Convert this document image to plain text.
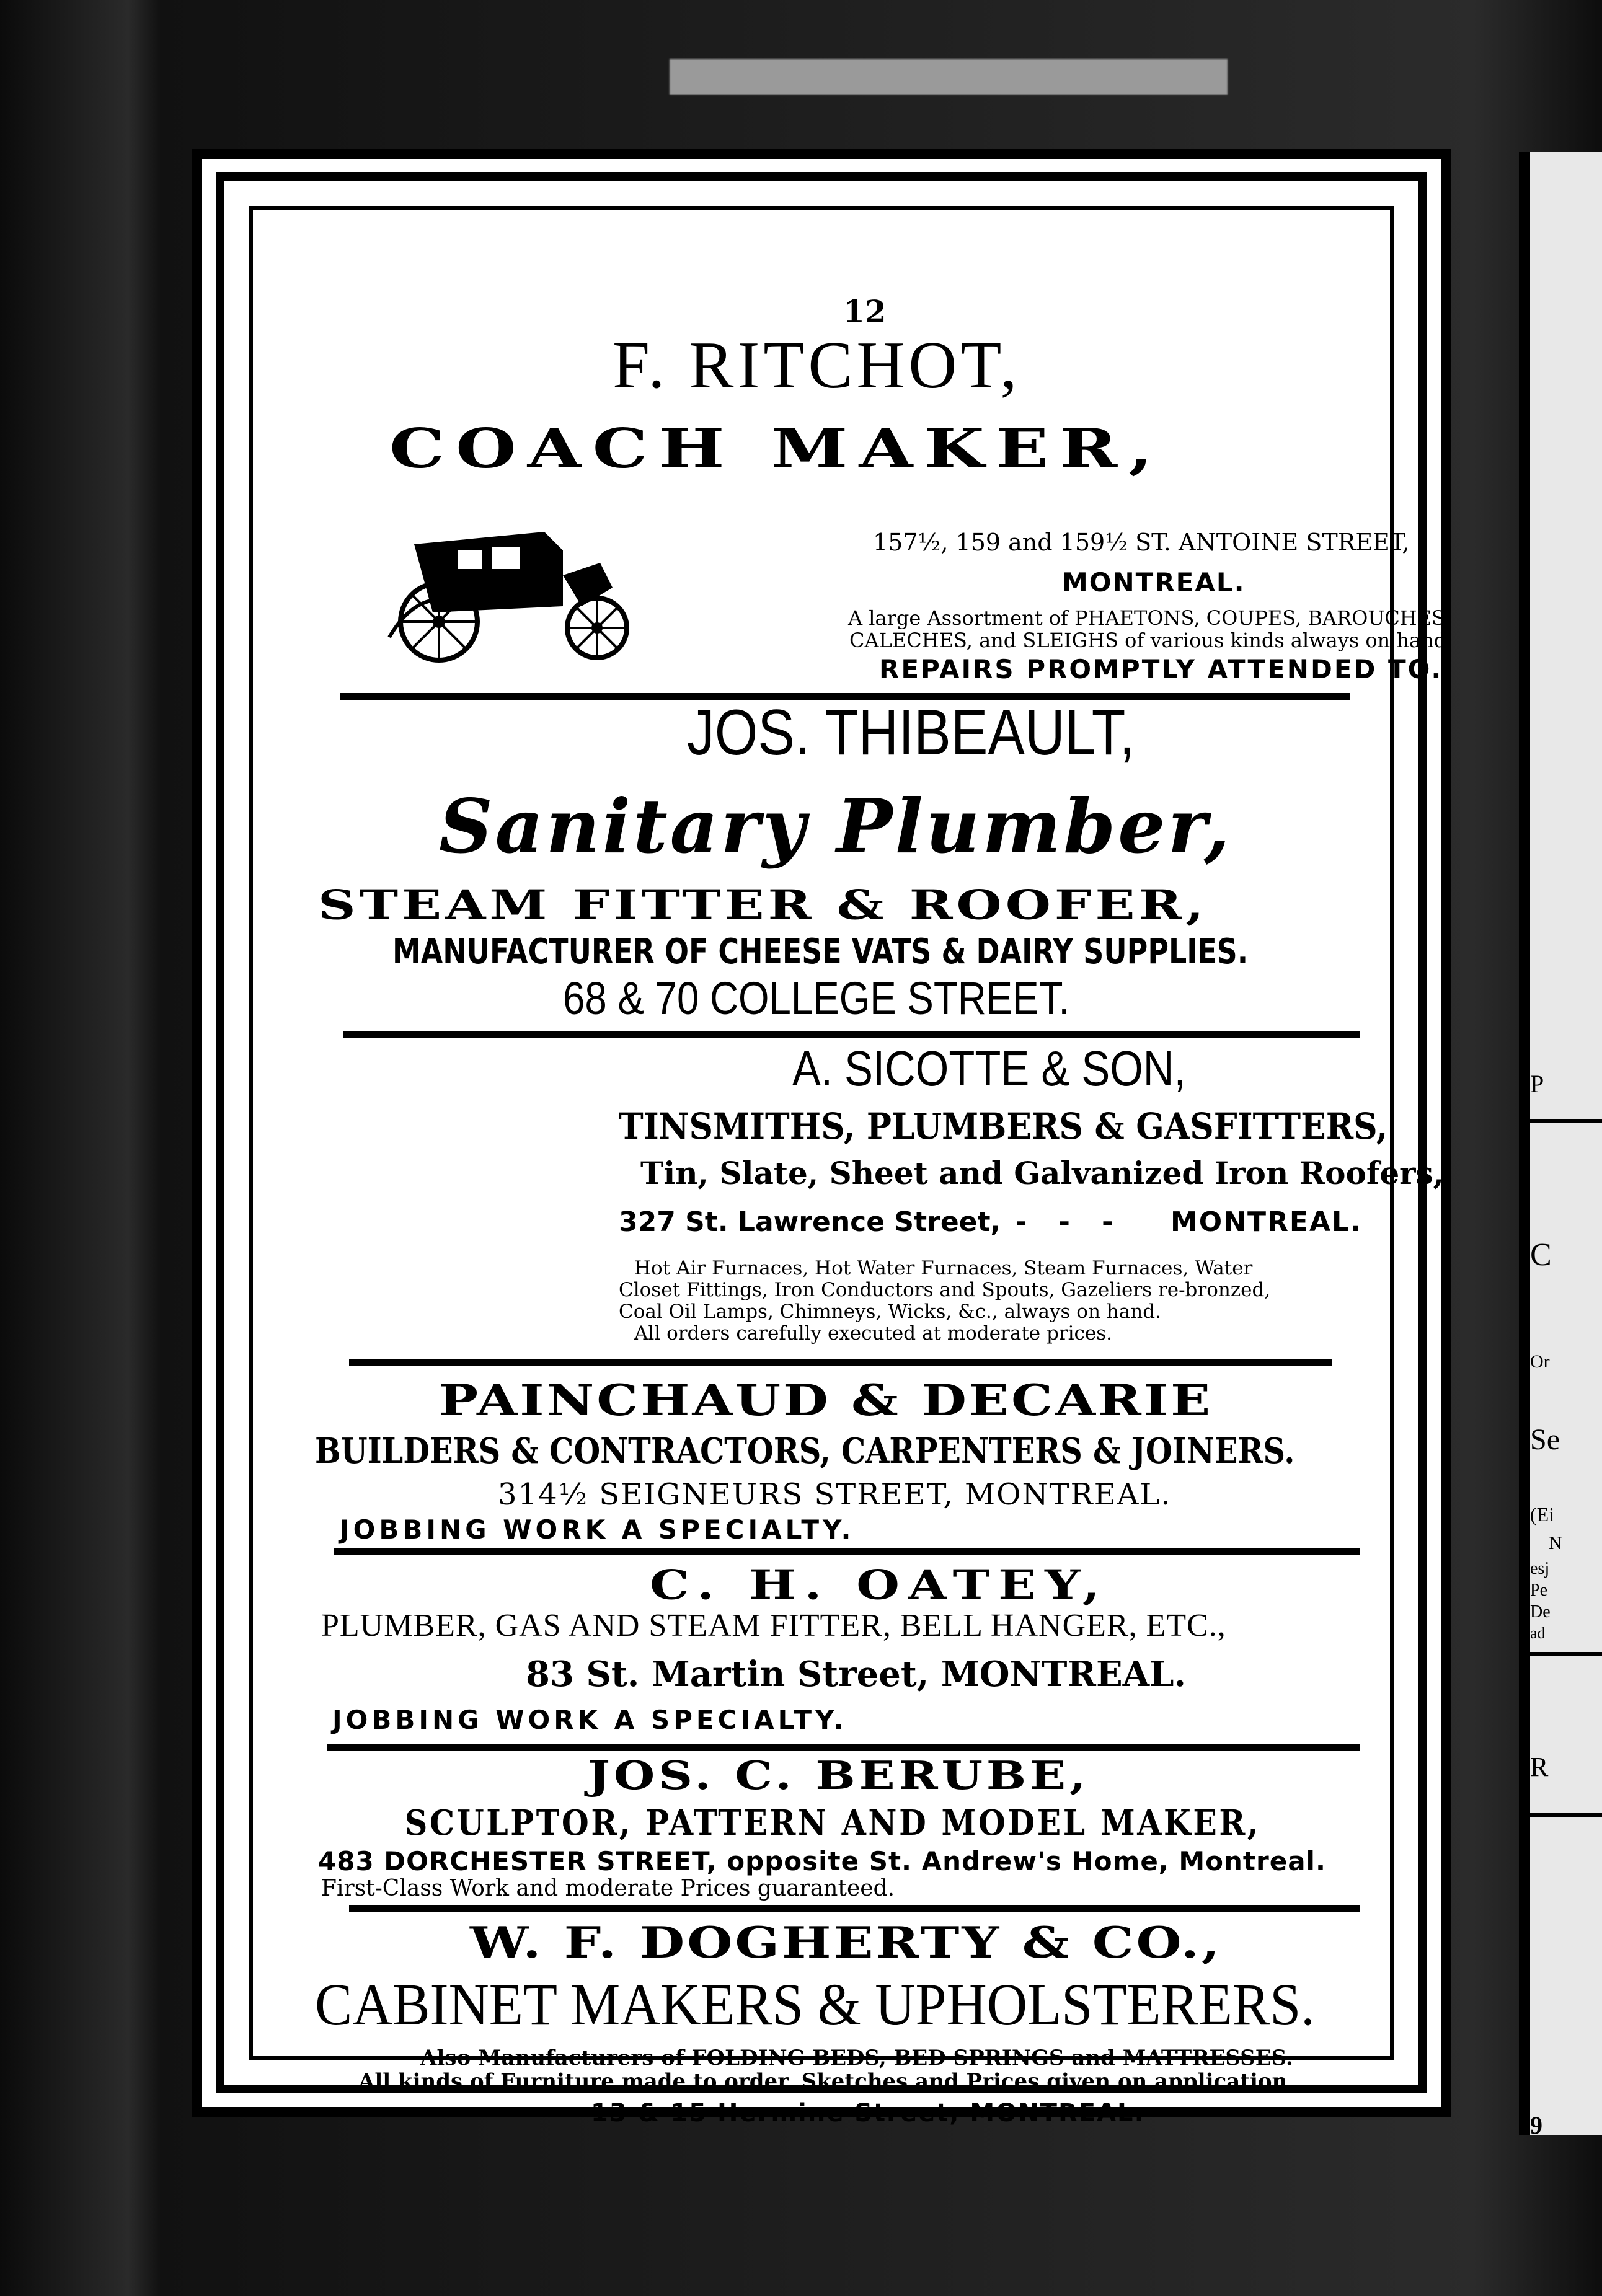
P
C
Or
Se
(Ei
N
esj
Pe
De
ad
R
9
12
F. RITCHOT,
COACH MAKER,
157½, 159 and 159½ ST. ANTOINE STREET,
MONTREAL.
A large Assortment of PHAETONS, COUPES, BAROUCHES.
CALECHES, and SLEIGHS of various kinds always on hand.
REPAIRS PROMPTLY ATTENDED TO.
JOS. THIBEAULT,
Sanitary Plumber,
STEAM FITTER & ROOFER,
MANUFACTURER OF CHEESE VATS & DAIRY SUPPLIES.
68 & 70 COLLEGE STREET.
A. SICOTTE & SON,
TINSMITHS, PLUMBERS & GASFITTERS,
Tin, Slate, Sheet and Galvanized Iron Roofers,
327 St. Lawrence Street, - - - MONTREAL.
Hot Air Furnaces, Hot Water Furnaces, Steam Furnaces, Water
Closet Fittings, Iron Conductors and Spouts, Gazeliers re-bronzed,
Coal Oil Lamps, Chimneys, Wicks, &c., always on hand.
All orders carefully executed at moderate prices.
PAINCHAUD & DECARIE
BUILDERS & CONTRACTORS, CARPENTERS & JOINERS.
314½ SEIGNEURS STREET, MONTREAL.
JOBBING WORK A SPECIALTY.
C. H. OATEY,
PLUMBER, GAS AND STEAM FITTER, BELL HANGER, ETC.,
83 St. Martin Street, MONTREAL.
JOBBING WORK A SPECIALTY.
JOS. C. BERUBE,
SCULPTOR, PATTERN AND MODEL MAKER,
483 DORCHESTER STREET, opposite St. Andrew's Home, Montreal.
First-Class Work and moderate Prices guaranteed.
W. F. DOGHERTY & CO.,
CABINET MAKERS & UPHOLSTERERS.
Also Manufacturers of FOLDING BEDS, BED SPRINGS and MATTRESSES.
All kinds of Furniture made to order. Sketches and Prices given on application.
13 & 15 Hermine Street, MONTREAL.
